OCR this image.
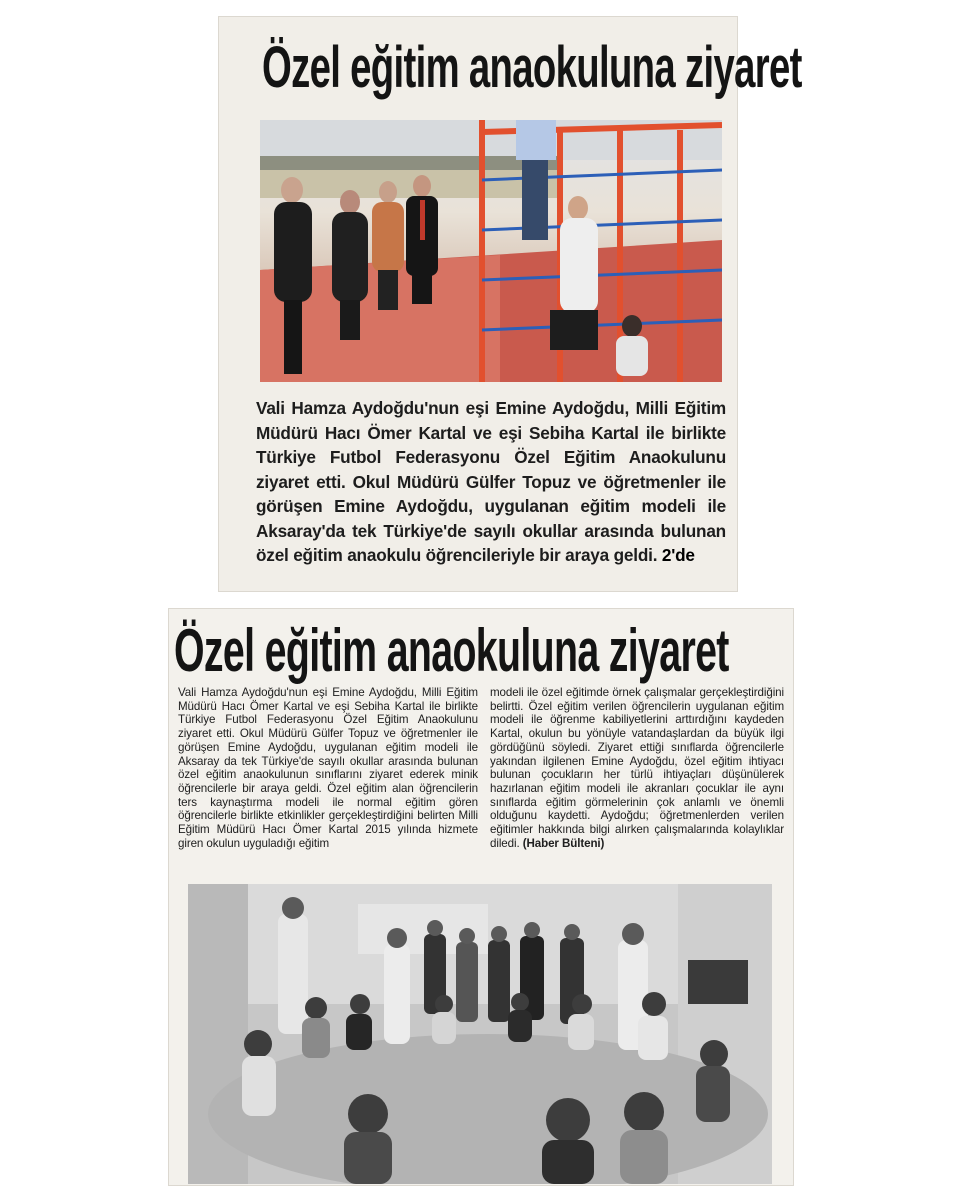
Özel eğitim anaokuluna ziyaret

Vali Hamza Aydoğdu'nun eşi Emine Aydoğdu, Milli Eğitim Müdürü Hacı Ömer Kartal ve eşi Sebiha Kartal ile birlikte Türkiye Futbol Federasyonu Özel Eğitim Anaokulunu ziyaret etti. Okul Müdürü Gülfer Topuz ve öğretmenler ile görüşen Emine Aydoğdu, uygulanan eğitim modeli ile Aksaray'da tek Türkiye'de sayılı okullar arasında bulunan özel eğitim anaokulu öğrencileriyle bir araya geldi. 2'de

Özel eğitim anaokuluna ziyaret

Vali Hamza Aydoğdu'nun eşi Emine Aydoğdu, Milli Eğitim Müdürü Hacı Ömer Kartal ve eşi Sebiha Kartal ile birlikte Türkiye Futbol Federasyonu Özel Eğitim Anaokulunu ziyaret etti. Okul Müdürü Gülfer Topuz ve öğretmenler ile görüşen Emine Aydoğdu, uygulanan eğitim modeli ile Aksaray da tek Türkiye'de sayılı okullar arasında bulunan özel eğitim anaokulunun sınıflarını ziyaret ederek minik öğrencilerle bir araya geldi. Özel eğitim alan öğrencilerin ters kaynaştırma modeli ile normal eğitim gören öğrencilerle birlikte etkinlikler gerçekleştirdiğini belirten Milli Eğitim Müdürü Hacı Ömer Kartal 2015 yılında hizmete giren okulun uyguladığı eğitim

modeli ile özel eğitimde örnek çalışmalar gerçekleştirdiğini belirtti. Özel eğitim verilen öğrencilerin uygulanan eğitim modeli ile öğrenme kabiliyetlerini arttırdığını kaydeden Kartal, okulun bu yönüyle vatandaşlardan da büyük ilgi gördüğünü söyledi. Ziyaret ettiği sınıflarda öğrencilerle yakından ilgilenen Emine Aydoğdu, özel eğitim ihtiyacı bulunan çocukların her türlü ihtiyaçları düşünülerek hazırlanan eğitim modeli ile akranları çocuklar ile aynı sınıflarda eğitim görmelerinin çok anlamlı ve önemli olduğunu kaydetti. Aydoğdu; öğretmenlerden verilen eğitimler hakkında bilgi alırken çalışmalarında kolaylıklar diledi. (Haber Bülteni)
